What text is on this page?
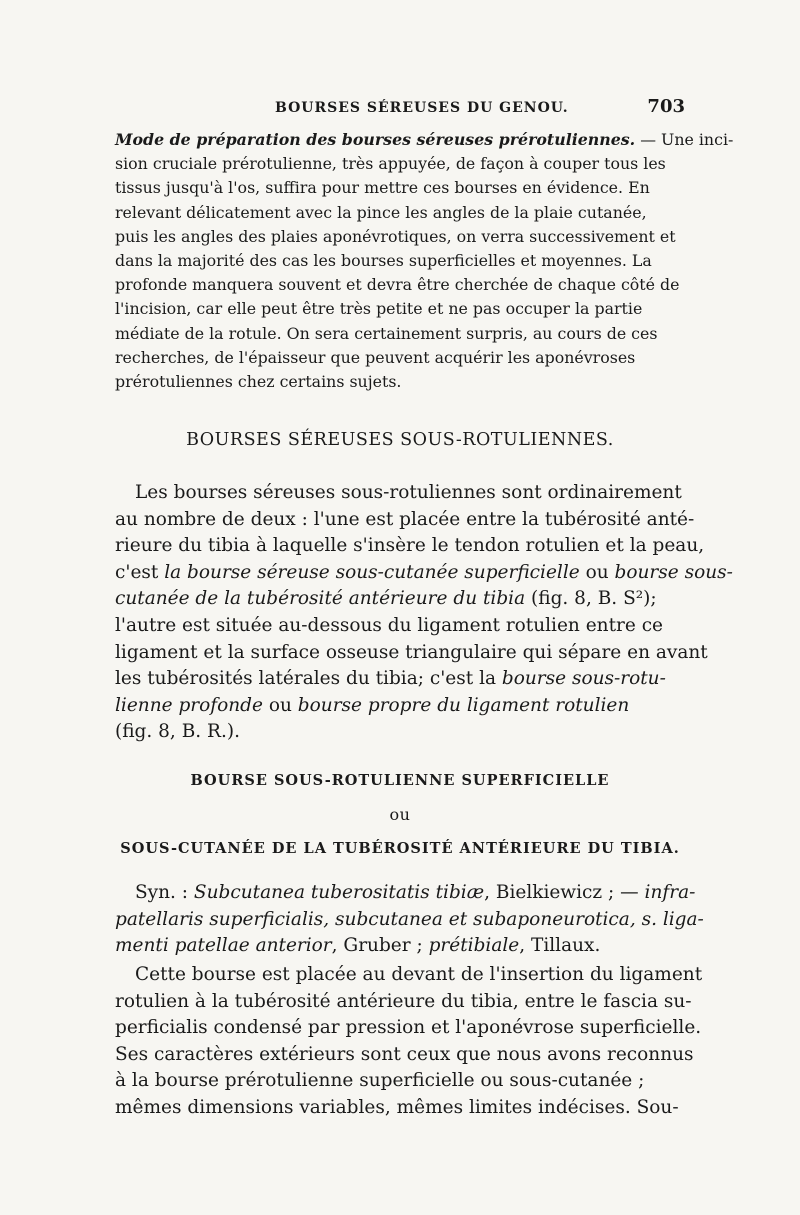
BOURSES SÉREUSES DU GENOU.	703
Mode de préparation des bourses séreuses prérotuliennes. — Une inci-
sion cruciale prérotulienne, très appuyée, de façon à couper tous les
tissus jusqu'à l'os, suffira pour mettre ces bourses en évidence. En
relevant délicatement avec la pince les angles de la plaie cutanée,
puis les angles des plaies aponévrotiques, on verra successivement et
dans la majorité des cas les bourses superficielles et moyennes. La
profonde manquera souvent et devra être cherchée de chaque côté de
l'incision, car elle peut être très petite et ne pas occuper la partie
médiate de la rotule. On sera certainement surpris, au cours de ces
recherches, de l'épaisseur que peuvent acquérir les aponévroses
prérotuliennes chez certains sujets.
BOURSES SÉREUSES SOUS-ROTULIENNES.
Les bourses séreuses sous-rotuliennes sont ordinairement
au nombre de deux : l'une est placée entre la tubérosité anté-
rieure du tibia à laquelle s'insère le tendon rotulien et la peau,
c'est la bourse séreuse sous-cutanée superficielle ou bourse sous-
cutanée de la tubérosité antérieure du tibia (fig. 8, B. S²);
l'autre est située au-dessous du ligament rotulien entre ce
ligament et la surface osseuse triangulaire qui sépare en avant
les tubérosités latérales du tibia; c'est la bourse sous-rotu-
lienne profonde ou bourse propre du ligament rotulien
(fig. 8, B. R.).
BOURSE SOUS-ROTULIENNE SUPERFICIELLE
ou
SOUS-CUTANÉE DE LA TUBÉROSITÉ ANTÉRIEURE DU TIBIA.
Syn. : Subcutanea tuberositatis tibiæ, Bielkiewicz ; — infra-
patellaris superficialis, subcutanea et subaponeurotica, s. liga-
menti patellae anterior, Gruber ; prétibiale, Tillaux.
Cette bourse est placée au devant de l'insertion du ligament
rotulien à la tubérosité antérieure du tibia, entre le fascia su-
perficialis condensé par pression et l'aponévrose superficielle.
Ses caractères extérieurs sont ceux que nous avons reconnus
à la bourse prérotulienne superficielle ou sous-cutanée ;
mêmes dimensions variables, mêmes limites indécises. Sou-
